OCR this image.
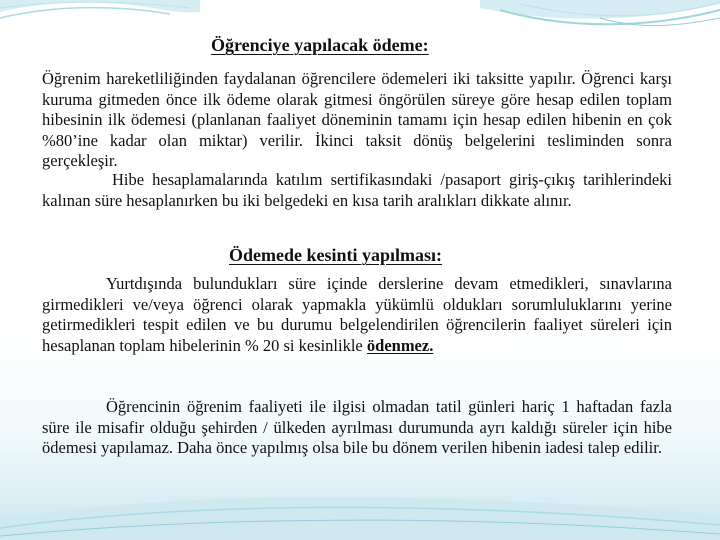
Öğrenciye yapılacak ödeme:

Öğrenim hareketliliğinden faydalanan öğrencilere ödemeleri iki taksitte yapılır. Öğrenci karşı kuruma gitmeden önce ilk ödeme olarak gitmesi öngörülen süreye göre hesap edilen toplam hibesinin ilk ödemesi (planlanan faaliyet döneminin tamamı için hesap edilen hibenin en çok %80’ine kadar olan miktar) verilir. İkinci taksit dönüş belgelerini tesliminden sonra gerçekleşir.

Hibe hesaplamalarında katılım sertifikasındaki /pasaport giriş-çıkış tarihlerindeki kalınan süre hesaplanırken bu iki belgedeki en kısa tarih aralıkları dikkate alınır.

Ödemede kesinti yapılması:

Yurtdışında bulundukları süre içinde derslerine devam etmedikleri, sınavlarına girmedikleri ve/veya öğrenci olarak yapmakla yükümlü oldukları sorumluluklarını yerine getirmedikleri tespit edilen ve bu durumu belgelendirilen öğrencilerin faaliyet süreleri için hesaplanan toplam hibelerinin % 20 si kesinlikle ödenmez.

Öğrencinin öğrenim faaliyeti ile ilgisi olmadan tatil günleri hariç 1 haftadan fazla süre ile misafir olduğu şehirden / ülkeden ayrılması durumunda ayrı kaldığı süreler için hibe ödemesi yapılamaz. Daha önce yapılmış olsa bile bu dönem verilen hibenin iadesi talep edilir.
